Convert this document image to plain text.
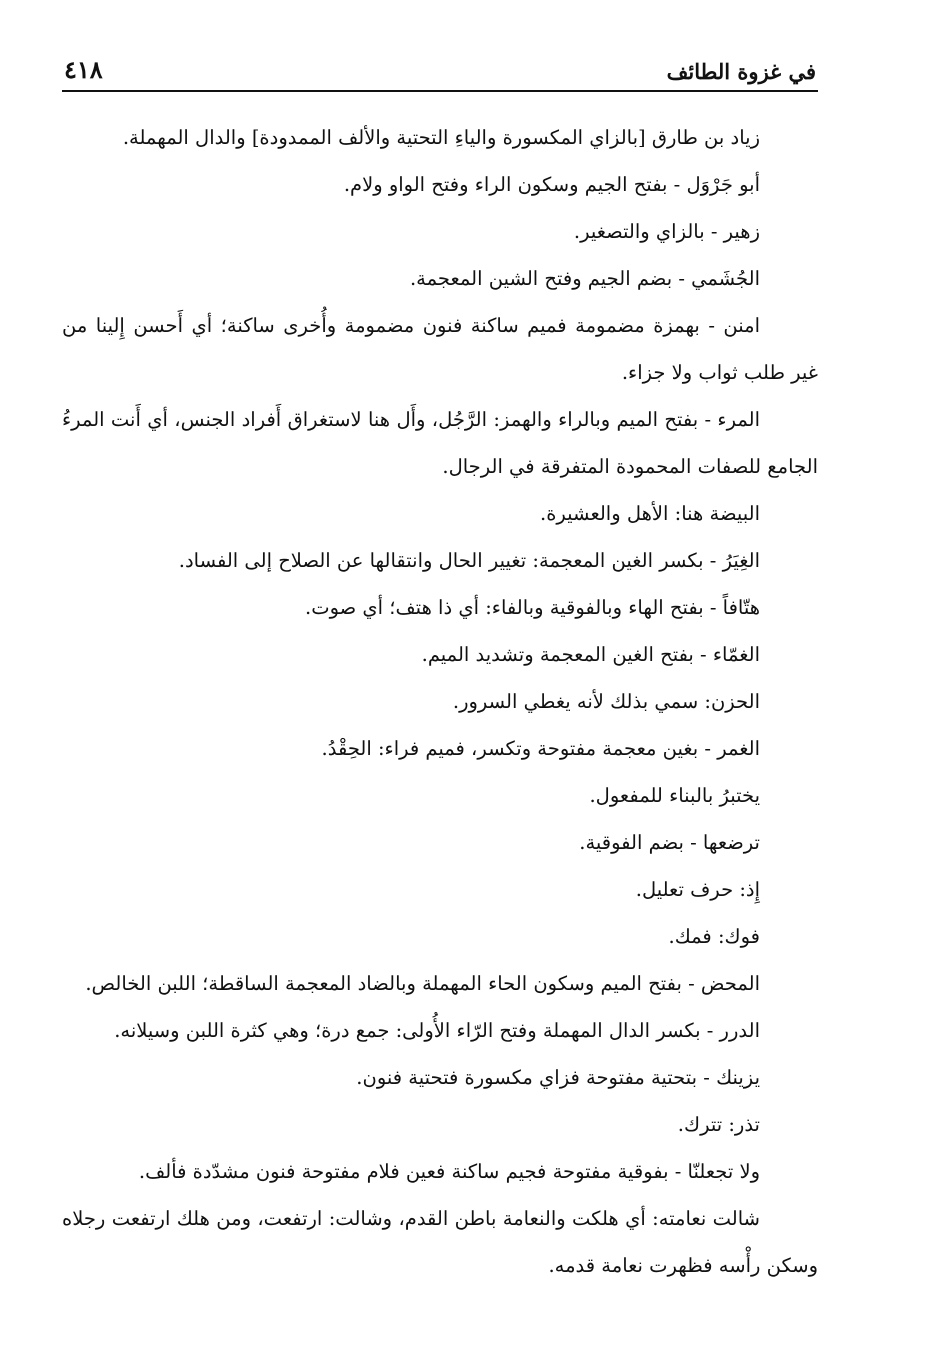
٤١٨	في غزوة الطائف

زياد بن طارق [بالزاي المكسورة والياءِ التحتية والألف الممدودة] والدال المهملة.

أبو جَرْوَل - بفتح الجيم وسكون الراء وفتح الواو ولام.

زهير - بالزاي والتصغير.

الجُشَمي - بضم الجيم وفتح الشين المعجمة.

امنن - بهمزة مضمومة فميم ساكنة فنون مضمومة وأُخرى ساكنة؛ أي أَحسن إِلينا من غير طلب ثواب ولا جزاء.

المرء - بفتح الميم وبالراء والهمز: الرَّجُل، وأَل هنا لاستغراق أَفراد الجنس، أي أَنت المرءُ الجامع للصفات المحمودة المتفرقة في الرجال.

البيضة هنا: الأهل والعشيرة.

الغِيَرُ - بكسر الغين المعجمة: تغيير الحال وانتقالها عن الصلاح إلى الفساد.

هتّافاً - بفتح الهاء وبالفوقية وبالفاء: أي ذا هتف؛ أي صوت.

الغمّاء - بفتح الغين المعجمة وتشديد الميم.

الحزن: سمي بذلك لأنه يغطي السرور.

الغمر - بغين معجمة مفتوحة وتكسر، فميم فراء: الحِقْدُ.

يختبرُ بالبناء للمفعول.

ترضعها - بضم الفوقية.

إِذ: حرف تعليل.

فوك: فمك.

المحض - بفتح الميم وسكون الحاء المهملة وبالضاد المعجمة الساقطة؛ اللبن الخالص.

الدرر - بكسر الدال المهملة وفتح الرّاء الأُولى: جمع درة؛ وهي كثرة اللبن وسيلانه.

يزينك - بتحتية مفتوحة فزاي مكسورة فتحتية فنون.

تذر: تترك.

ولا تجعلنّا - بفوقية مفتوحة فجيم ساكنة فعين فلام مفتوحة فنون مشدّدة فألف.

شالت نعامته: أي هلكت والنعامة باطن القدم، وشالت: ارتفعت، ومن هلك ارتفعت رجلاه وسكن رأْسه فظهرت نعامة قدمه.
